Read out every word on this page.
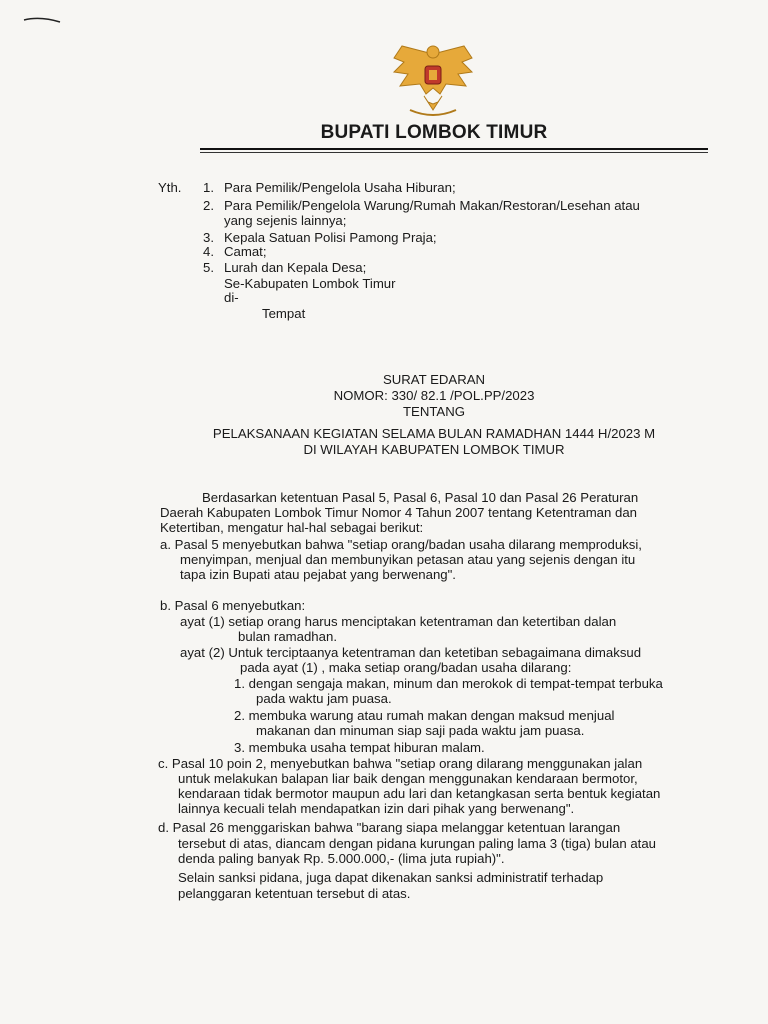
BUPATI LOMBOK TIMUR
Yth. 1. Para Pemilik/Pengelola Usaha Hiburan;
2. Para Pemilik/Pengelola Warung/Rumah Makan/Restoran/Lesehan atau
yang sejenis lainnya;
3. Kepala Satuan Polisi Pamong Praja;
4. Camat;
5. Lurah dan Kepala Desa;
Se-Kabupaten Lombok Timur
di-
Tempat
SURAT EDARAN
NOMOR: 330/ 82.1 /POL.PP/2023
TENTANG
PELAKSANAAN KEGIATAN SELAMA BULAN RAMADHAN 1444 H/2023 M
DI WILAYAH KABUPATEN LOMBOK TIMUR
Berdasarkan ketentuan Pasal 5, Pasal 6, Pasal 10 dan Pasal 26 Peraturan
Daerah Kabupaten Lombok Timur Nomor 4 Tahun 2007 tentang Ketentraman dan
Ketertiban, mengatur hal-hal sebagai berikut:
a. Pasal 5 menyebutkan bahwa "setiap orang/badan usaha dilarang memproduksi,
menyimpan, menjual dan membunyikan petasan atau yang sejenis dengan itu
tapa izin Bupati atau pejabat yang berwenang".
b. Pasal 6 menyebutkan:
ayat (1) setiap orang harus menciptakan ketentraman dan ketertiban dalan
bulan ramadhan.
ayat (2) Untuk terciptaanya ketentraman dan ketetiban sebagaimana dimaksud
pada ayat (1) , maka setiap orang/badan usaha dilarang:
1. dengan sengaja makan, minum dan merokok di tempat-tempat terbuka
pada waktu jam puasa.
2. membuka warung atau rumah makan dengan maksud menjual
makanan dan minuman siap saji pada waktu jam puasa.
3. membuka usaha tempat hiburan malam.
c. Pasal 10 poin 2, menyebutkan bahwa "setiap orang dilarang menggunakan jalan
untuk melakukan balapan liar baik dengan menggunakan kendaraan bermotor,
kendaraan tidak bermotor maupun adu lari dan ketangkasan serta bentuk kegiatan
lainnya kecuali telah mendapatkan izin dari pihak yang berwenang".
d. Pasal 26 menggariskan bahwa "barang siapa melanggar ketentuan larangan
tersebut di atas, diancam dengan pidana kurungan paling lama 3 (tiga) bulan atau
denda paling banyak Rp. 5.000.000,- (lima juta rupiah)".
Selain sanksi pidana, juga dapat dikenakan sanksi administratif terhadap
pelanggaran ketentuan tersebut di atas.
